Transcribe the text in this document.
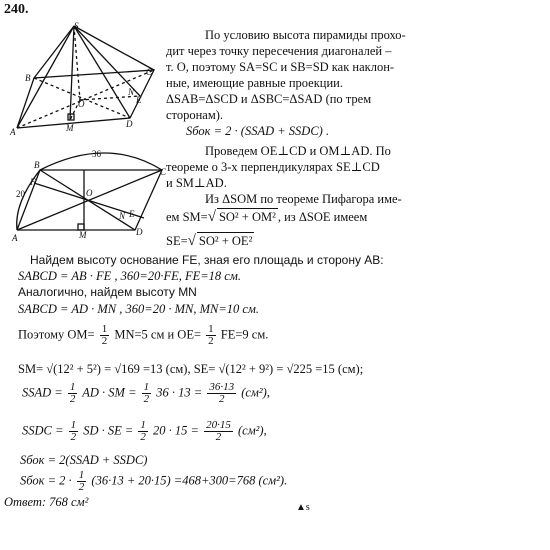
240.
S
B
C
O
N
E
A	M	D
B
36
C
F
20	O
A	M
N E
D
По условию высота пирамиды прохо-
дит через точку пересечения диагоналей –
т. O, поэтому SA=SC и SB=SD как наклон-
ные, имеющие равные проекции.
ΔSAB=ΔSCD и ΔSBC=ΔSAD (по трем
сторонам).
Sбок = 2 · (SSAD + SSDC) .
Проведем OE⊥CD и OM⊥AD. По
теореме о 3-х перпендикулярах SE⊥CD
и SM⊥AD.
Из ΔSOM по теореме Пифагора име-
ем SM=√ SO² + OM² , из ΔSOE имеем
SE=√ SO² + OE²
Найдем высоту основание FE, зная его площадь и сторону AB:
SABCD = AB · FE , 360=20·FE, FE=18 см.
Аналогично, найдем высоту MN
SABCD = AD · MN , 360=20 · MN, MN=10 см.
Поэтому $OM= \frac{1}{2} MN=5$ см и $OE= \frac{1}{2} FE=9$ см.
SM= √(12² + 5²) = √169 =13 (см), SE= √(12² + 9²) = √225 =15 (см);
SSAD = $\frac{1}{2}$ AD · SM = $\frac{1}{2} 36 \cdot 13 = \frac{36\cdot 13}{2} (см^2)$,
SSDC = $\frac{1}{2}$ SD · SE = $\frac{1}{2} 20 \cdot 15 = \frac{20\cdot 15}{2} (см^2)$,
Sбок = 2(SSAD + SSDC)
Sбок = $2 \cdot \frac{1}{2} (36\cdot 13 + 20\cdot 15) =468+300=768$ (см²).
Ответ: 768 см²	▲s
